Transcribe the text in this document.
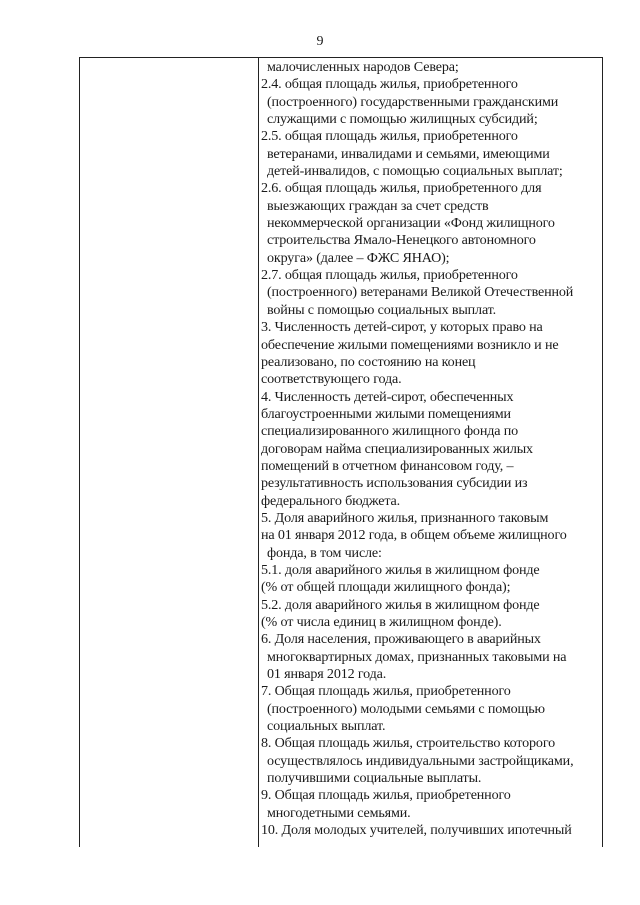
9
малочисленных народов Севера;
2.4. общая площадь жилья, приобретенного
(построенного) государственными гражданскими
служащими с помощью жилищных субсидий;
2.5. общая площадь жилья, приобретенного
ветеранами, инвалидами и семьями, имеющими
детей-инвалидов, с помощью социальных выплат;
2.6. общая площадь жилья, приобретенного для
выезжающих граждан за счет средств
некоммерческой организации «Фонд жилищного
строительства Ямало-Ненецкого автономного
округа» (далее – ФЖС ЯНАО);
2.7. общая площадь жилья, приобретенного
(построенного) ветеранами Великой Отечественной
войны с помощью социальных выплат.
3. Численность детей-сирот, у которых право на
обеспечение жилыми помещениями возникло и не
реализовано, по состоянию на конец
соответствующего года.
4. Численность детей-сирот, обеспеченных
благоустроенными жилыми помещениями
специализированного жилищного фонда по
договорам найма специализированных жилых
помещений в отчетном финансовом году, –
результативность использования субсидии из
федерального бюджета.
5. Доля аварийного жилья, признанного таковым
на 01 января 2012 года, в общем объеме жилищного
фонда, в том числе:
5.1. доля аварийного жилья в жилищном фонде
(% от общей площади жилищного фонда);
5.2. доля аварийного жилья в жилищном фонде
(% от числа единиц в жилищном фонде).
6. Доля населения, проживающего в аварийных
многоквартирных домах, признанных таковыми на
01 января 2012 года.
7. Общая площадь жилья, приобретенного
(построенного) молодыми семьями с помощью
социальных выплат.
8. Общая площадь жилья, строительство которого
осуществлялось индивидуальными застройщиками,
получившими социальные выплаты.
9. Общая площадь жилья, приобретенного
многодетными семьями.
10. Доля молодых учителей, получивших ипотечный
